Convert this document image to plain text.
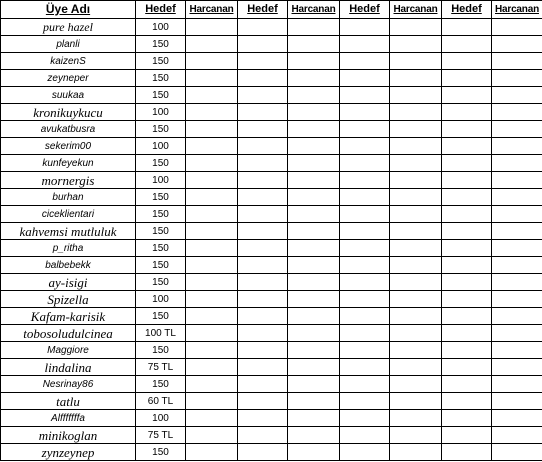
Üye Adı	Hedef	Harcanan	Hedef	Harcanan	Hedef	Harcanan	Hedef	Harcanan
pure hazel	100							
planli	150							
kaizenS	150							
zeyneper	150							
suukaa	150							
kronikuykucu	100							
avukatbusra	150							
sekerim00	100							
kunfeyekun	150							
mornergis	100							
burhan	150							
ciceklientari	150							
kahvemsi mutluluk	150							
p_ritha	150							
balbebekk	150							
ay-isigi	150							
Spizella	100							
Kafam-karisik	150							
tobosoludulcinea	100 TL							
Maggiore	150							
lindalina	75 TL							
Nesrinay86	150							
tatlu	60 TL							
Alfffffffa	100							
minikoglan	75 TL							
zynzeynep	150							
